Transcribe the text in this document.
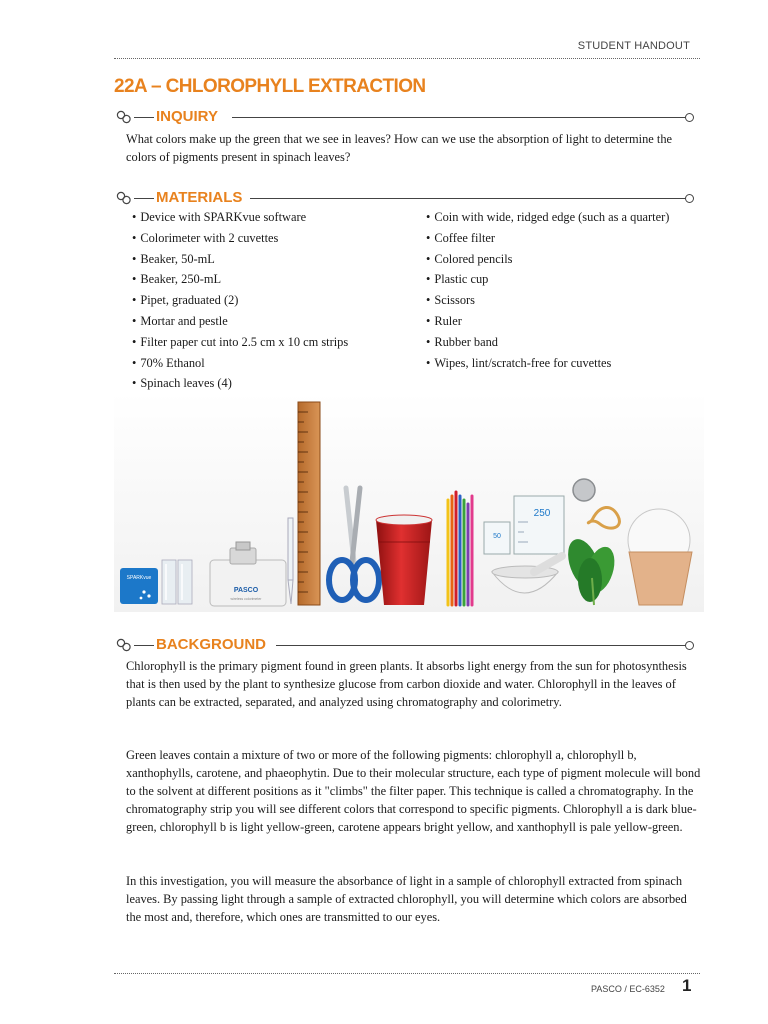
STUDENT HANDOUT
22A – CHLOROPHYLL EXTRACTION
INQUIRY

What colors make up the green that we see in leaves? How can we use the absorption of light to determine the colors of pigments present in spinach leaves?

MATERIALS
• Device with SPARKvue software
• Colorimeter with 2 cuvettes
• Beaker, 50-mL
• Beaker, 250-mL
• Pipet, graduated (2)
• Mortar and pestle
• Filter paper cut into 2.5 cm x 10 cm strips
• 70% Ethanol
• Spinach leaves (4)
• Coin with wide, ridged edge (such as a quarter)
• Coffee filter
• Colored pencils
• Plastic cup
• Scissors
• Ruler
• Rubber band
• Wipes, lint/scratch-free for cuvettes
SPARKvue
PASCO
wireless colorimeter
50
250
BACKGROUND

Chlorophyll is the primary pigment found in green plants. It absorbs light energy from the sun for photosynthesis that is then used by the plant to synthesize glucose from carbon dioxide and water. Chlorophyll in the leaves of plants can be extracted, separated, and analyzed using chromatography and colorimetry.

Green leaves contain a mixture of two or more of the following pigments: chlorophyll a, chlorophyll b, xanthophylls, carotene, and phaeophytin. Due to their molecular structure, each type of pigment molecule will bond to the solvent at different positions as it "climbs" the filter paper. This technique is called a chromatography. In the chromatography strip you will see different colors that correspond to specific pigments. Chlorophyll a is dark blue-green, chlorophyll b is light yellow-green, carotene appears bright yellow, and xanthophyll is pale yellow-green.

In this investigation, you will measure the absorbance of light in a sample of chlorophyll extracted from spinach leaves. By passing light through a sample of extracted chlorophyll, you will determine which colors are absorbed the most and, therefore, which ones are transmitted to our eyes.

PASCO / EC-6352 1
